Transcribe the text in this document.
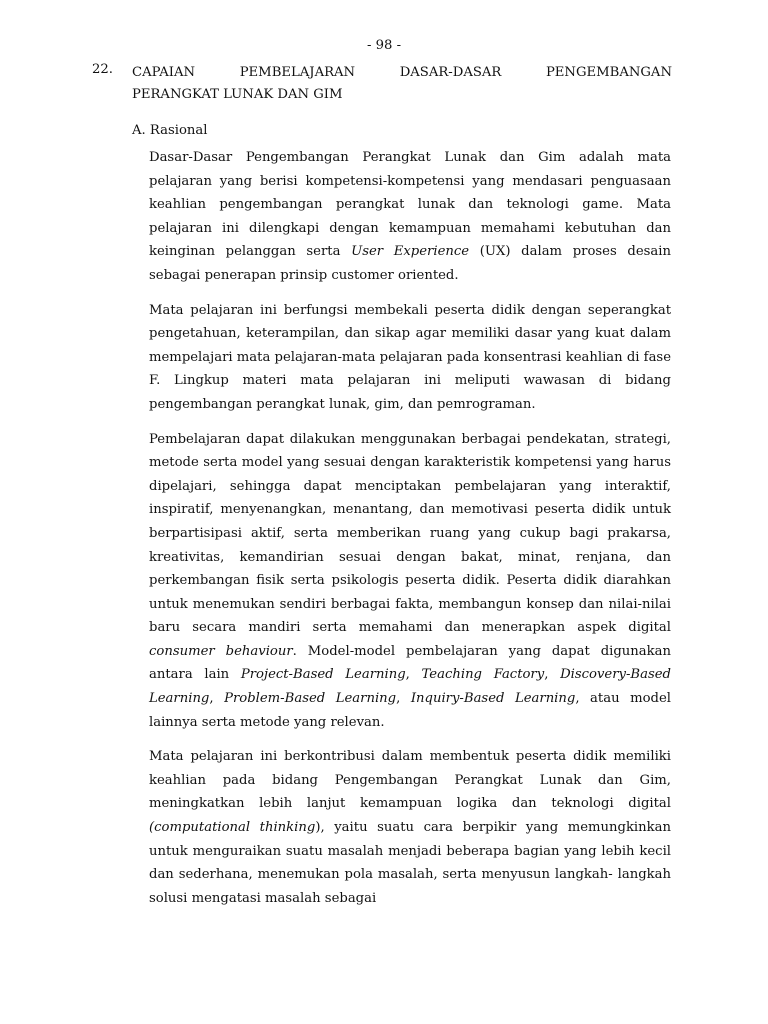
- 98 -
22. CAPAIAN	PEMBELAJARAN	DASAR-DASAR	PENGEMBANGAN
PERANGKAT LUNAK DAN GIM
A. Rasional

Dasar-Dasar Pengembangan Perangkat Lunak dan Gim adalah mata pelajaran yang berisi kompetensi-kompetensi yang mendasari penguasaan keahlian pengembangan perangkat lunak dan teknologi game. Mata pelajaran ini dilengkapi dengan kemampuan memahami kebutuhan dan keinginan pelanggan serta User Experience (UX) dalam proses desain sebagai penerapan prinsip customer oriented.

Mata pelajaran ini berfungsi membekali peserta didik dengan seperangkat pengetahuan, keterampilan, dan sikap agar memiliki dasar yang kuat dalam mempelajari mata pelajaran-mata pelajaran pada konsentrasi keahlian di fase F. Lingkup materi mata pelajaran ini meliputi wawasan di bidang pengembangan perangkat lunak, gim, dan pemrograman.

Pembelajaran dapat dilakukan menggunakan berbagai pendekatan, strategi, metode serta model yang sesuai dengan karakteristik kompetensi yang harus dipelajari, sehingga dapat menciptakan pembelajaran yang interaktif, inspiratif, menyenangkan, menantang, dan memotivasi peserta didik untuk berpartisipasi aktif, serta memberikan ruang yang cukup bagi prakarsa, kreativitas, kemandirian sesuai dengan bakat, minat, renjana, dan perkembangan fisik serta psikologis peserta didik. Peserta didik diarahkan untuk menemukan sendiri berbagai fakta, membangun konsep dan nilai-nilai baru secara mandiri serta memahami dan menerapkan aspek digital consumer behaviour. Model-model pembelajaran yang dapat digunakan antara lain Project-Based Learning, Teaching Factory, Discovery-Based Learning, Problem-Based Learning, Inquiry-Based Learning, atau model lainnya serta metode yang relevan.

Mata pelajaran ini berkontribusi dalam membentuk peserta didik memiliki keahlian pada bidang Pengembangan Perangkat Lunak dan Gim, meningkatkan lebih lanjut kemampuan logika dan teknologi digital (computational thinking), yaitu suatu cara berpikir yang memungkinkan untuk menguraikan suatu masalah menjadi beberapa bagian yang lebih kecil dan sederhana, menemukan pola masalah, serta menyusun langkah- langkah solusi mengatasi masalah sebagai
